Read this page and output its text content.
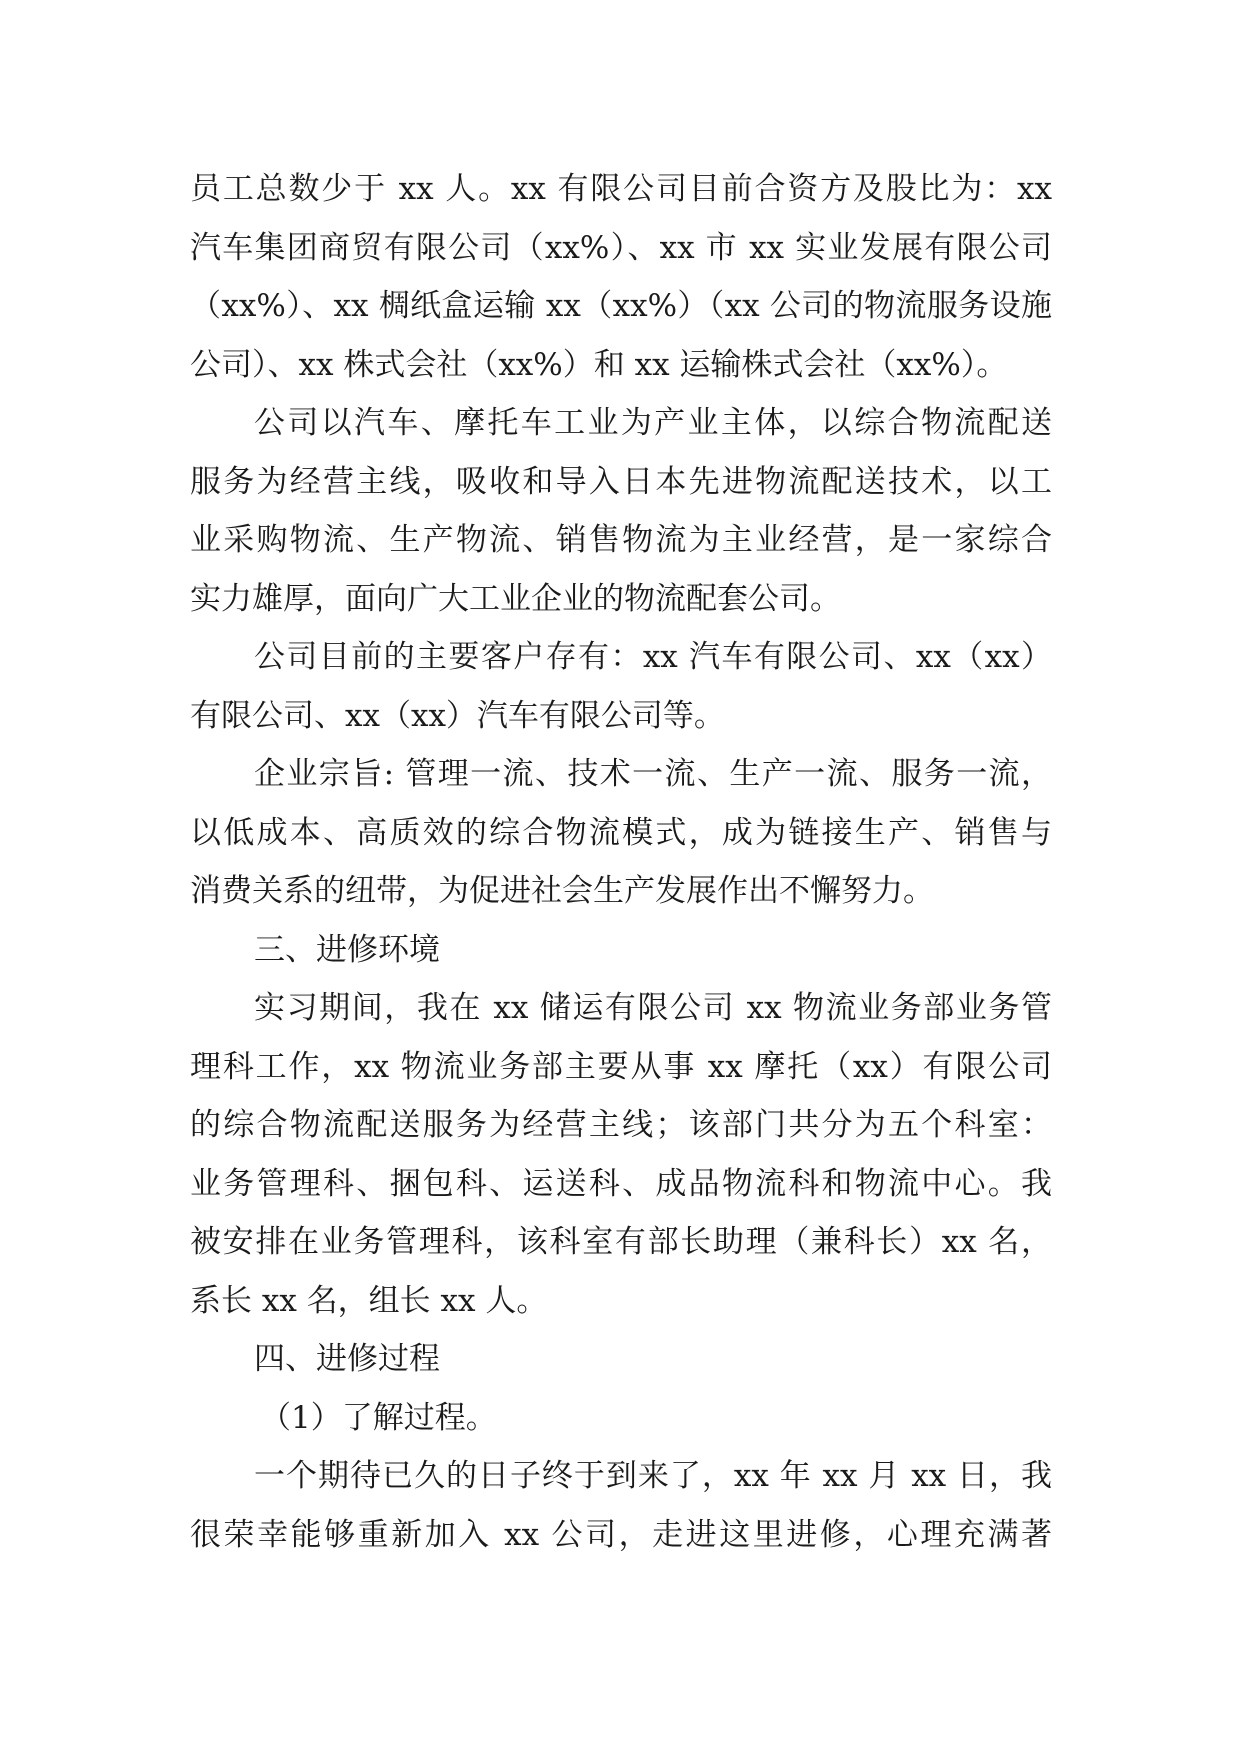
员工总数少于 xx 人。xx 有限公司目前合资方及股比为：xx
汽车集团商贸有限公司（xx%）、xx 市 xx 实业发展有限公司
（xx%）、xx 椆纸盒运输 xx（xx%）（xx 公司的物流服务设施
公司）、xx 株式会社（xx%）和 xx 运输株式会社（xx%）。
公司以汽车、摩托车工业为产业主体，以综合物流配送
服务为经营主线，吸收和导入日本先进物流配送技术，以工
业采购物流、生产物流、销售物流为主业经营，是一家综合
实力雄厚，面向广大工业企业的物流配套公司。
公司目前的主要客户存有：xx 汽车有限公司、xx（xx）
有限公司、xx（xx）汽车有限公司等。
企业宗旨: 管理一流、技术一流、生产一流、服务一流，
以低成本、高质效的综合物流模式，成为链接生产、销售与
消费关系的纽带，为促进社会生产发展作出不懈努力。
三、进修环境
实习期间，我在 xx 储运有限公司 xx 物流业务部业务管
理科工作，xx 物流业务部主要从事 xx 摩托（xx）有限公司
的综合物流配送服务为经营主线；该部门共分为五个科室：
业务管理科、捆包科、运送科、成品物流科和物流中心。我
被安排在业务管理科，该科室有部长助理（兼科长）xx 名，
系长 xx 名，组长 xx 人。
四、进修过程
（1）了解过程。
一个期待已久的日子终于到来了，xx 年 xx 月 xx 日，我
很荣幸能够重新加入 xx 公司，走进这里进修，心理充满著
